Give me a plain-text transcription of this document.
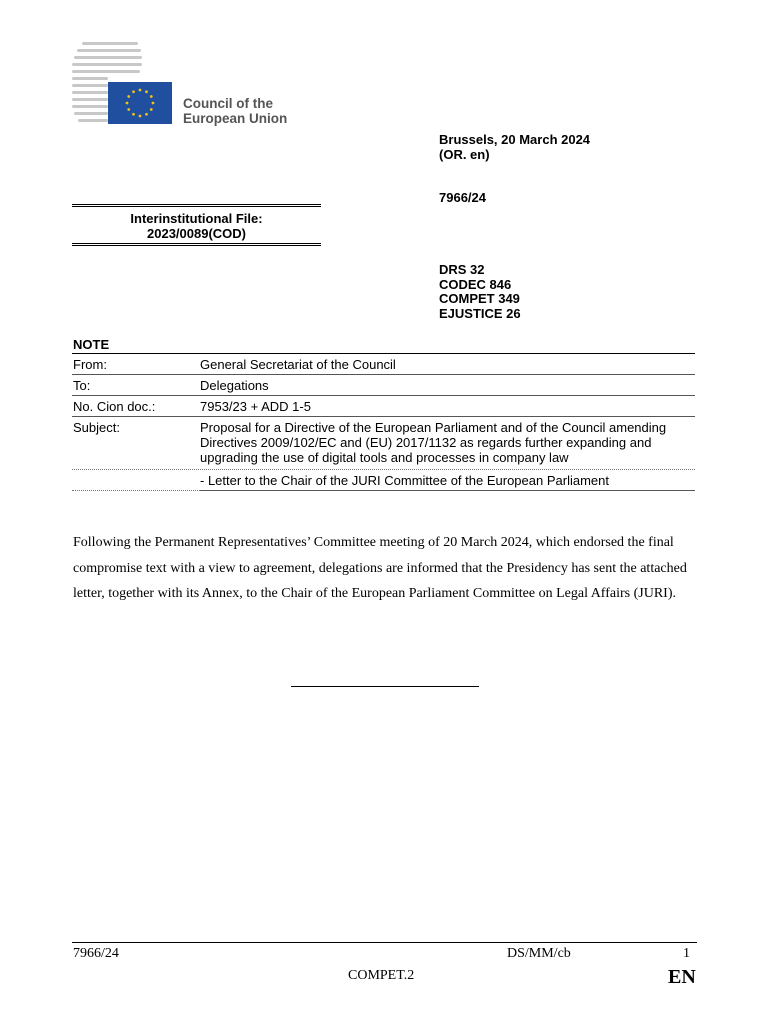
Council of the
European Union
Brussels, 20 March 2024
(OR. en)
7966/24
Interinstitutional File:
2023/0089(COD)
DRS 32
CODEC 846
COMPET 349
EJUSTICE 26
NOTE
From:	General Secretariat of the Council
To:	Delegations
No. Cion doc.:	7953/23 + ADD 1-5
Subject:	Proposal for a Directive of the European Parliament and of the Council amending Directives 2009/102/EC and (EU) 2017/1132 as regards further expanding and upgrading the use of digital tools and processes in company law
- Letter to the Chair of the JURI Committee of the European Parliament
Following the Permanent Representatives’ Committee meeting of 20 March 2024, which endorsed the final compromise text with a view to agreement, delegations are informed that the Presidency has sent the attached letter, together with its Annex, to the Chair of the European Parliament Committee on Legal Affairs (JURI).
7966/24	DS/MM/cb	1
COMPET.2	EN
